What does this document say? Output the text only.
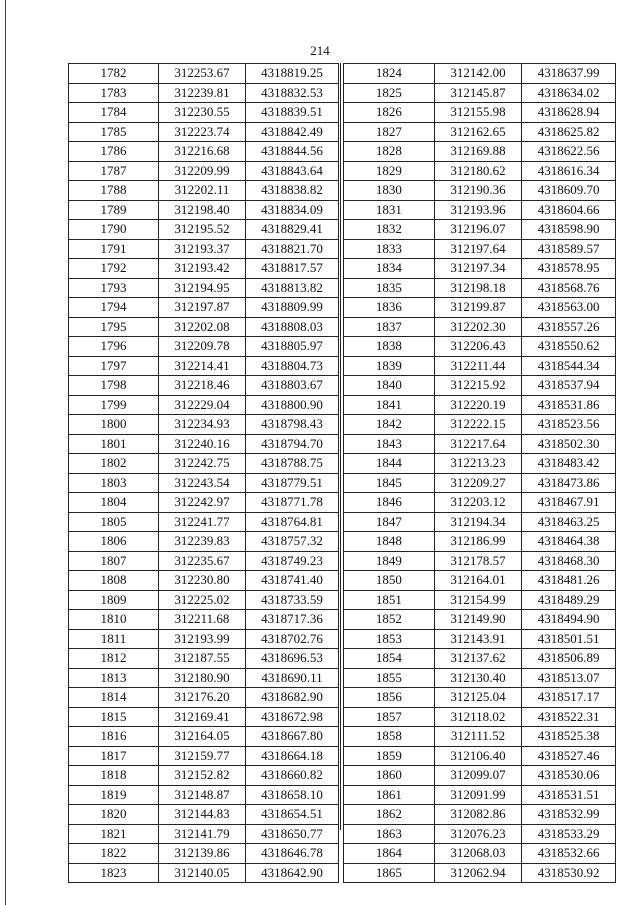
214
1782	312253.67	4318819.25
1783	312239.81	4318832.53
1784	312230.55	4318839.51
1785	312223.74	4318842.49
1786	312216.68	4318844.56
1787	312209.99	4318843.64
1788	312202.11	4318838.82
1789	312198.40	4318834.09
1790	312195.52	4318829.41
1791	312193.37	4318821.70
1792	312193.42	4318817.57
1793	312194.95	4318813.82
1794	312197.87	4318809.99
1795	312202.08	4318808.03
1796	312209.78	4318805.97
1797	312214.41	4318804.73
1798	312218.46	4318803.67
1799	312229.04	4318800.90
1800	312234.93	4318798.43
1801	312240.16	4318794.70
1802	312242.75	4318788.75
1803	312243.54	4318779.51
1804	312242.97	4318771.78
1805	312241.77	4318764.81
1806	312239.83	4318757.32
1807	312235.67	4318749.23
1808	312230.80	4318741.40
1809	312225.02	4318733.59
1810	312211.68	4318717.36
1811	312193.99	4318702.76
1812	312187.55	4318696.53
1813	312180.90	4318690.11
1814	312176.20	4318682.90
1815	312169.41	4318672.98
1816	312164.05	4318667.80
1817	312159.77	4318664.18
1818	312152.82	4318660.82
1819	312148.87	4318658.10
1820	312144.83	4318654.51
1821	312141.79	4318650.77
1822	312139.86	4318646.78
1823	312140.05	4318642.90
1824	312142.00	4318637.99
1825	312145.87	4318634.02
1826	312155.98	4318628.94
1827	312162.65	4318625.82
1828	312169.88	4318622.56
1829	312180.62	4318616.34
1830	312190.36	4318609.70
1831	312193.96	4318604.66
1832	312196.07	4318598.90
1833	312197.64	4318589.57
1834	312197.34	4318578.95
1835	312198.18	4318568.76
1836	312199.87	4318563.00
1837	312202.30	4318557.26
1838	312206.43	4318550.62
1839	312211.44	4318544.34
1840	312215.92	4318537.94
1841	312220.19	4318531.86
1842	312222.15	4318523.56
1843	312217.64	4318502.30
1844	312213.23	4318483.42
1845	312209.27	4318473.86
1846	312203.12	4318467.91
1847	312194.34	4318463.25
1848	312186.99	4318464.38
1849	312178.57	4318468.30
1850	312164.01	4318481.26
1851	312154.99	4318489.29
1852	312149.90	4318494.90
1853	312143.91	4318501.51
1854	312137.62	4318506.89
1855	312130.40	4318513.07
1856	312125.04	4318517.17
1857	312118.02	4318522.31
1858	312111.52	4318525.38
1859	312106.40	4318527.46
1860	312099.07	4318530.06
1861	312091.99	4318531.51
1862	312082.86	4318532.99
1863	312076.23	4318533.29
1864	312068.03	4318532.66
1865	312062.94	4318530.92
